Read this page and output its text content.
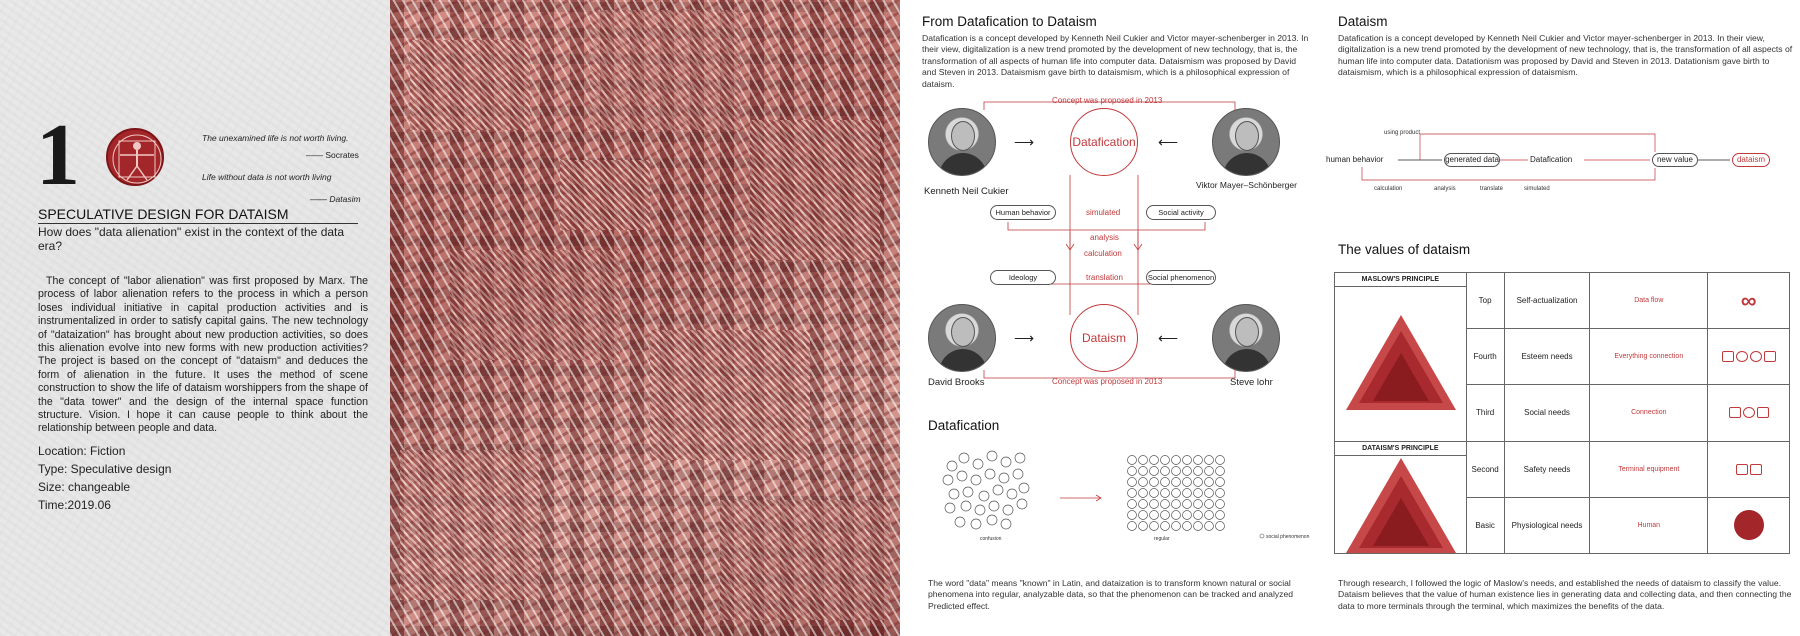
1	The unexamined life is not worth living.
—— Socrates
Life without data is not worth living
—— Datasim
SPECULATIVE DESIGN FOR DATAISM
How does "data alienation" exist in the context of the data era?
The concept of "labor alienation" was first proposed by Marx. The process of labor alienation refers to the process in which a person loses individual initiative in capital production activities and is instrumentalized in order to satisfy capital gains. The new technology of "dataization" has brought about new production activities, so does this alienation evolve into new forms with new production activities? The project is based on the concept of "dataism" and deduces the form of alienation in the future. It uses the method of scene construction to show the life of dataism worshippers from the shape of the "data tower" and the design of the internal space function structure. Vision. I hope it can cause people to think about the relationship between people and data.
Location: Fiction
Type: Speculative design
Size: changeable
Time:2019.06
From Datafication to Dataism
Datafication is a concept developed by Kenneth Neil Cukier and Victor mayer-schenberger in 2013. In their view, digitalization is a new trend promoted by the development of new technology, that is, the transformation of all aspects of human life into computer data. Dataismism was proposed by David and Steven in 2013. Dataismism gave birth to dataismism, which is a philosophical expression of dataism.
Concept was proposed in 2013
⟶	Datafication ⟵
Kenneth Neil Cukier
Viktor Mayer–Schönberger
Human behavior	simulated	Social activity
analysis
calculation
Ideology	translation	Social phenomenon
⟶	Dataism	⟵
David Brooks	Concept was proposed in 2013	Steve lohr
Datafication
confusion	regular	social phenomenon
The word "data" means "known" in Latin, and dataization is to transform known natural or social phenomena into regular, analyzable data, so that the phenomenon can be tracked and analyzed Predicted effect.
Dataism
Datafication is a concept developed by Kenneth Neil Cukier and Victor mayer-schenberger in 2013. In their view, digitalization is a new trend promoted by the development of new technology, that is, the transformation of all aspects of human life into computer data. Datationism was proposed by David and Steven in 2013. Datationism gave birth to dataismism, which is a philosophical expression of dataismism.
using product
human behavior	generated data	Datafication	new value	dataism
calculation	analysis	translate	simulated
The values of dataism
MASLOW'S PRINCIPLE	Top	Self-actualization	Data flow	∞
	Fourth	Esteem needs	Everything connection	
	Third	Social needs	Connection	

DATAISM'S PRINCIPLE	Second	Safety needs	Terminal equipment	
	Basic	Physiological needs	Human	
Through research, I followed the logic of Maslow's needs, and established the needs of dataism to classify the value. Dataism believes that the value of human existence lies in generating data and collecting data, and then connecting the data to more terminals through the terminal, which maximizes the benefits of the data.
